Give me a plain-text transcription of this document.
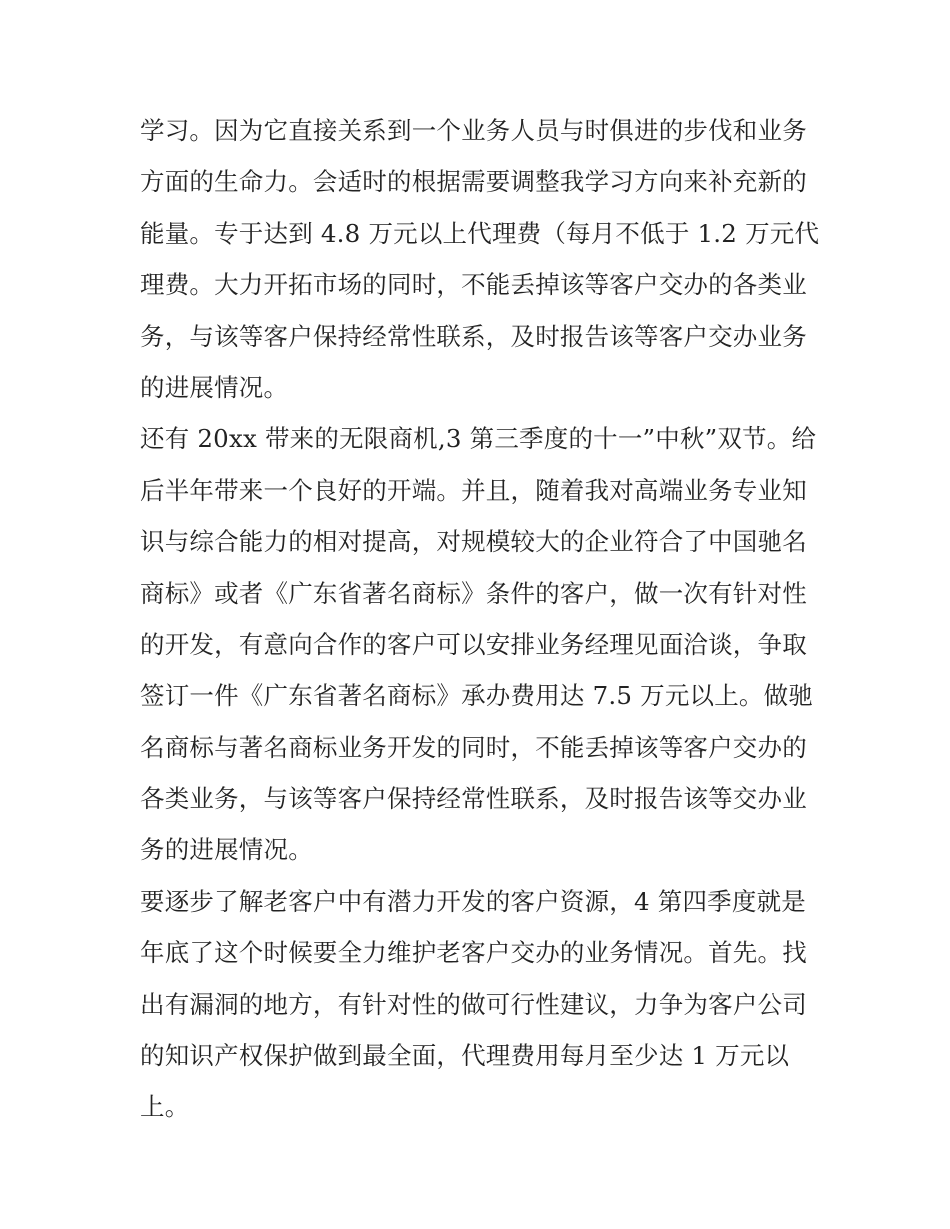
学习。因为它直接关系到一个业务人员与时俱进的步伐和业务
方面的生命力。会适时的根据需要调整我学习方向来补充新的
能量。专于达到 4.8 万元以上代理费（每月不低于 1.2 万元代
理费。大力开拓市场的同时，不能丢掉该等客户交办的各类业
务，与该等客户保持经常性联系，及时报告该等客户交办业务
的进展情况。
还有 20xx 带来的无限商机,3 第三季度的十一”中秋”双节。给
后半年带来一个良好的开端。并且，随着我对高端业务专业知
识与综合能力的相对提高，对规模较大的企业符合了中国驰名
商标》或者《广东省著名商标》条件的客户，做一次有针对性
的开发，有意向合作的客户可以安排业务经理见面洽谈，争取
签订一件《广东省著名商标》承办费用达 7.5 万元以上。做驰
名商标与著名商标业务开发的同时，不能丢掉该等客户交办的
各类业务，与该等客户保持经常性联系，及时报告该等交办业
务的进展情况。
要逐步了解老客户中有潜力开发的客户资源，4 第四季度就是
年底了这个时候要全力维护老客户交办的业务情况。首先。找
出有漏洞的地方，有针对性的做可行性建议，力争为客户公司
的知识产权保护做到最全面，代理费用每月至少达 1 万元以
上。
